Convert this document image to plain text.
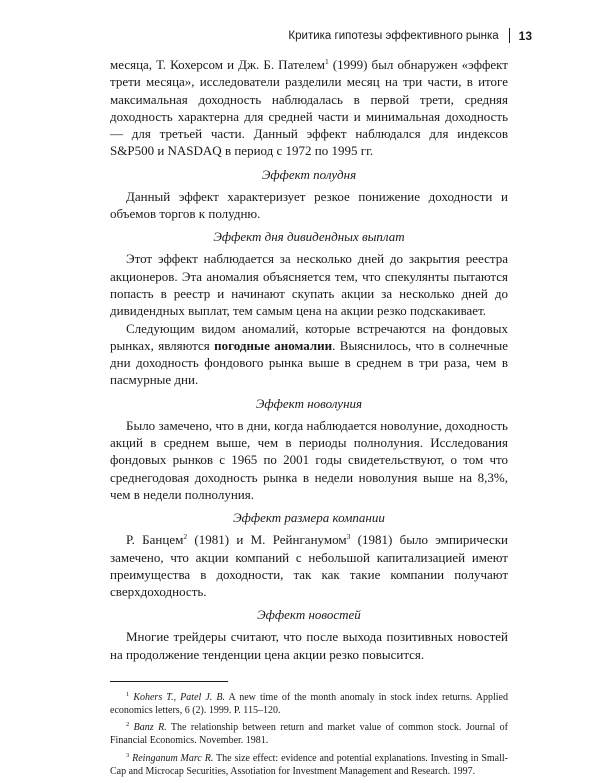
Критика гипотезы эффективного рынка 13

месяца, Т. Кохерсом и Дж. Б. Пателем$^1$ (1999) был обнаружен «эффект трети месяца», исследователи разделили месяц на три части, в итоге максимальная доходность наблюдалась в первой трети, средняя доходность характерна для средней части и минимальная доходность — для третьей части. Данный эффект наблюдался для индексов S&P500 и NASDAQ в период с 1972 по 1995 гг.

Эффект полудня

Данный эффект характеризует резкое понижение доходности и объемов торгов к полудню.

Эффект дня дивидендных выплат

Этот эффект наблюдается за несколько дней до закрытия реестра акционеров. Эта аномалия объясняется тем, что спекулянты пытаются попасть в реестр и начинают скупать акции за несколько дней до дивидендных выплат, тем самым цена на акции резко подскакивает.

Следующим видом аномалий, которые встречаются на фондовых рынках, являются погодные аномалии. Выяснилось, что в солнечные дни доходность фондового рынка выше в среднем в три раза, чем в пасмурные дни.

Эффект новолуния

Было замечено, что в дни, когда наблюдается новолуние, доходность акций в среднем выше, чем в периоды полнолуния. Исследования фондовых рынков с 1965 по 2001 годы свидетельствуют, о том что среднегодовая доходность рынка в недели новолуния выше на 8,3%, чем в недели полнолуния.

Эффект размера компании

Р. Банцем$^2$ (1981) и М. Рейнганумом$^3$ (1981) было эмпирически замечено, что акции компаний с небольшой капитализацией имеют преимущества в доходности, так как такие компании получают сверхдоходность.

Эффект новостей

Многие трейдеры считают, что после выхода позитивных новостей на продолжение тенденции цена акции резко повысится.

$^1$ Kohers T., Patel J. B. A new time of the month anomaly in stock index returns. Applied economics letters, 6 (2). 1999. P. 115–120.

$^2$ Banz R. The relationship between return and market value of common stock. Journal of Financial Economics. November. 1981.

$^3$ Reinganum Marc R. The size effect: evidence and potential explanations. Investing in Small-Cap and Microcap Securities, Assotiation for Investment Management and Research. 1997.
